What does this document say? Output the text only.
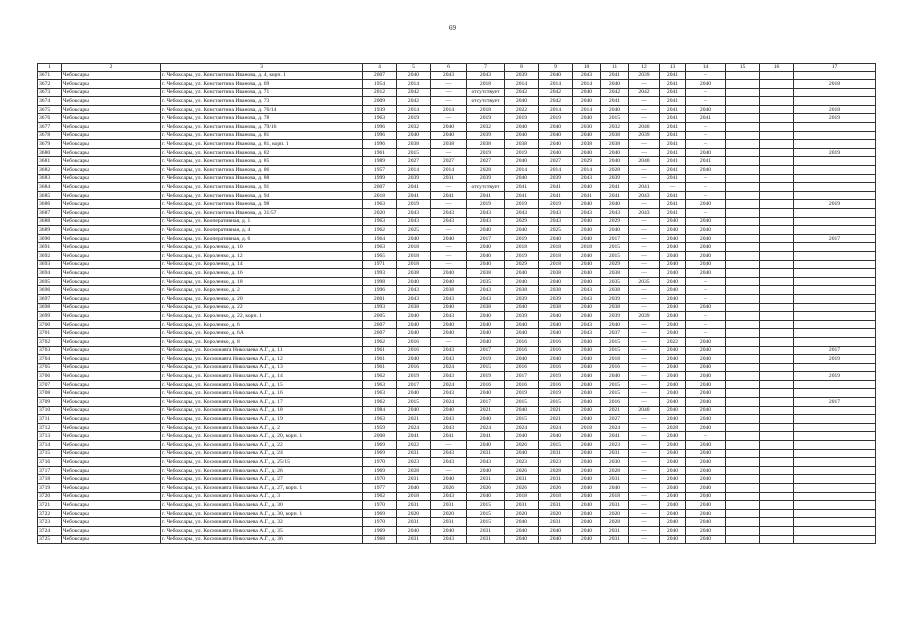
69
1	2	3	4	5	6	7	8	9	10	11	12	13	14	15	16	17
3671	Чебоксары	г. Чебоксары, ул. Константина Иванова, д. 4, корп. 1	2007	2040	2043	2043	2039	2040	2043	2041	2039	2041	–			
3672	Чебоксары	г. Чебоксары, ул. Константина Иванова, д. 69	1954	2014	—	2018	2014	2014	2014	2040	—	2041	2040			2018
3673	Чебоксары	г. Чебоксары, ул. Константина Иванова, д. 71	2012	2042	—	отсутствует	2042	2042	2040	2042	2042	2041	–			
3674	Чебоксары	г. Чебоксары, ул. Константина Иванова, д. 73	2009	2042	—	отсутствует	2040	2042	2040	2041	—	2041	–			
3675	Чебоксары	г. Чебоксары, ул. Константина Иванова, д. 76/14	1939	2014	2014	2018	2022	2014	2014	2040	—	2041	2040			2018
3676	Чебоксары	г. Чебоксары, ул. Константина Иванова, д. 78	1963	2019	—	2019	2019	2019	2040	2015	—	2041	2041			2019
3677	Чебоксары	г. Чебоксары, ул. Константина Иванова, д. 79/16	1996	2032	2040	2032	2040	2040	2030	2032	2040	2041	–			
3678	Чебоксары	г. Чебоксары, ул. Константина Иванова, д. 81	1996	2040	2040	2039	2040	2040	2040	2038	2039	2041	–			
3679	Чебоксары	г. Чебоксары, ул. Константина Иванова, д. 81, корп. 1	1996	2038	2038	2038	2038	2040	2038	2038	—	2041	–			
3680	Чебоксары	г. Чебоксары, ул. Константина Иванова, д. 82	1961	2015	—	2019	2019	2040	2040	2040	—	2041	2040			2019
3681	Чебоксары	г. Чебоксары, ул. Константина Иванова, д. 85	1989	2027	2027	2027	2040	2027	2029	2040	2040	2041	2041			
3682	Чебоксары	г. Чебоксары, ул. Константина Иванова, д. 86	1957	2014	2014	2028	2014	2014	2014	2028	—	2041	2040			
3683	Чебоксары	г. Чебоксары, ул. Константина Иванова, д. 88	1999	2039	2031	2039	2040	2039	2043	2039	—	2041	–			
3684	Чебоксары	г. Чебоксары, ул. Константина Иванова, д. 91	2007	2041	—	отсутствует	2041	2041	2040	2041	2041	—	–			
3685	Чебоксары	г. Чебоксары, ул. Константина Иванова, д. 94	2018	2041	2041	2041	2041	2041	2041	2041	2043	2041	–			
3686	Чебоксары	г. Чебоксары, ул. Константина Иванова, д. 98	1963	2019	—	2019	2019	2019	2040	2040	—	2041	2040			2019
3687	Чебоксары	г. Чебоксары, ул. Константина Иванова, д. 31/57	2020	2043	2043	2043	2043	2043	2043	2043	2043	2041	–			
3688	Чебоксары	г. Чебоксары, ул. Кооперативная, д. 1	1963	2043	2043	2043	2029	2043	2040	2029	—	2040	2040			
3689	Чебоксары	г. Чебоксары, ул. Кооперативная, д. 4	1962	2025	—	2040	2040	2025	2040	2040	—	2040	2040			
3690	Чебоксары	г. Чебоксары, ул. Кооперативная, д. 6	1964	2040	2040	2017	2019	2040	2040	2017	—	2040	2040			2017
3691	Чебоксары	г. Чебоксары, ул. Короленко, д. 10	1963	2018	—	2040	2018	2018	2018	2015	—	2040	2040			
3692	Чебоксары	г. Чебоксары, ул. Короленко, д. 12	1965	2018	—	2040	2019	2018	2040	2015	—	2040	2040			
3693	Чебоксары	г. Чебоксары, ул. Короленко, д. 14	1971	2018	—	2040	2029	2018	2040	2029	—	2040	2040			
3694	Чебоксары	г. Чебоксары, ул. Короленко, д. 16	1993	2038	2040	2038	2040	2038	2040	2038	—	2040	2040			
3695	Чебоксары	г. Чебоксары, ул. Короленко, д. 18	1998	2040	2040	2035	2040	2040	2040	2035	2035	2040	–			
3696	Чебоксары	г. Чебоксары, ул. Короленко, д. 2	1996	2043	2038	2043	2038	2038	2043	2038	—	2040	–			
3697	Чебоксары	г. Чебоксары, ул. Короленко, д. 20	2001	2043	2043	2043	2039	2039	2043	2039	—	2040	–			
3698	Чебоксары	г. Чебоксары, ул. Короленко, д. 22	1993	2038	2040	2038	2040	2038	2040	2038	—	2040	2040			
3699	Чебоксары	г. Чебоксары, ул. Короленко, д. 22, корп. 1	2005	2040	2043	2040	2039	2040	2040	2039	2039	2040	–			
3700	Чебоксары	г. Чебоксары, ул. Короленко, д. 6	2007	2040	2040	2040	2040	2040	2043	2040	—	2040	–			
3701	Чебоксары	г. Чебоксары, ул. Короленко, д. 6А	2007	2040	2040	2040	2040	2040	2043	2037	—	2040	–			
3702	Чебоксары	г. Чебоксары, ул. Короленко, д. 8	1962	2016	—	2040	2016	2016	2040	2015	—	2022	2040			
3703	Чебоксары	г. Чебоксары, ул. Космонавта Николаева А.Г., д. 11	1961	2016	2043	2017	2016	2016	2040	2015	—	2040	2040			2017
3704	Чебоксары	г. Чебоксары, ул. Космонавта Николаева А.Г., д. 12	1961	2040	2043	2019	2040	2040	2040	2018	—	2040	2040			2019
3705	Чебоксары	г. Чебоксары, ул. Космонавта Николаева А.Г., д. 13	1961	2016	2024	2015	2016	2016	2040	2016	—	2040	2040			
3706	Чебоксары	г. Чебоксары, ул. Космонавта Николаева А.Г., д. 14	1962	2019	2043	2019	2017	2019	2040	2040	—	2040	2040			2019
3707	Чебоксары	г. Чебоксары, ул. Космонавта Николаева А.Г., д. 15	1963	2017	2024	2016	2016	2016	2040	2015	—	2040	2040			
3708	Чебоксары	г. Чебоксары, ул. Космонавта Николаева А.Г., д. 16	1963	2040	2043	2040	2019	2019	2040	2015	—	2040	2040			
3709	Чебоксары	г. Чебоксары, ул. Космонавта Николаева А.Г., д. 17	1962	2015	2024	2017	2015	2015	2040	2016	—	2040	2040			2017
3710	Чебоксары	г. Чебоксары, ул. Космонавта Николаева А.Г., д. 18	1984	2040	2040	2021	2040	2021	2040	2021	2040	2040	2040			
3711	Чебоксары	г. Чебоксары, ул. Космонавта Николаева А.Г., д. 19	1963	2021	2043	2040	2015	2021	2040	2027	—	2040	2040			
3712	Чебоксары	г. Чебоксары, ул. Космонавта Николаева А.Г., д. 2	1959	2024	2043	2024	2024	2024	2018	2024	—	2028	2040			
3713	Чебоксары	г. Чебоксары, ул. Космонавта Николаева А.Г., д. 20, корп. 1	2008	2041	2041	2041	2040	2040	2040	2041	—	2040	–			
3714	Чебоксары	г. Чебоксары, ул. Космонавта Николаева А.Г., д. 22	1969	2022	—	2040	2026	2015	2040	2023	—	2040	2040			
3715	Чебоксары	г. Чебоксары, ул. Космонавта Николаева А.Г., д. 24	1969	2031	2043	2031	2040	2031	2040	2031	—	2040	2040			
3716	Чебоксары	г. Чебоксары, ул. Космонавта Николаева А.Г., д. 25/15	1970	2023	2043	2043	2023	2023	2040	2030	—	2040	2040			
3717	Чебоксары	г. Чебоксары, ул. Космонавта Николаева А.Г., д. 26	1969	2028	—	2040	2026	2028	2040	2028	—	2040	2040			
3718	Чебоксары	г. Чебоксары, ул. Космонавта Николаева А.Г., д. 27	1970	2031	2040	2031	2031	2031	2040	2031	—	2040	2040			
3719	Чебоксары	г. Чебоксары, ул. Космонавта Николаева А.Г., д. 27, корп. 1	1977	2040	2026	2026	2026	2026	2040	2040	—	2040	2040			
3720	Чебоксары	г. Чебоксары, ул. Космонавта Николаева А.Г., д. 3	1962	2018	2043	2040	2018	2018	2040	2018	—	2040	2040			
3721	Чебоксары	г. Чебоксары, ул. Космонавта Николаева А.Г., д. 30	1970	2031	2031	2015	2031	2031	2040	2031	—	2040	2040			
3722	Чебоксары	г. Чебоксары, ул. Космонавта Николаева А.Г., д. 30, корп. 1	1969	2020	2020	2015	2020	2020	2040	2020	—	2040	2040			
3723	Чебоксары	г. Чебоксары, ул. Космонавта Николаева А.Г., д. 32	1970	2031	2031	2015	2040	2031	2040	2028	—	2040	2040			
3724	Чебоксары	г. Чебоксары, ул. Космонавта Николаева А.Г., д. 35	1969	2040	2040	2031	2040	2040	2040	2031	—	2040	2040			
3725	Чебоксары	г. Чебоксары, ул. Космонавта Николаева А.Г., д. 36	1968	2031	2043	2031	2040	2040	2040	2031	—	2040	2040			
